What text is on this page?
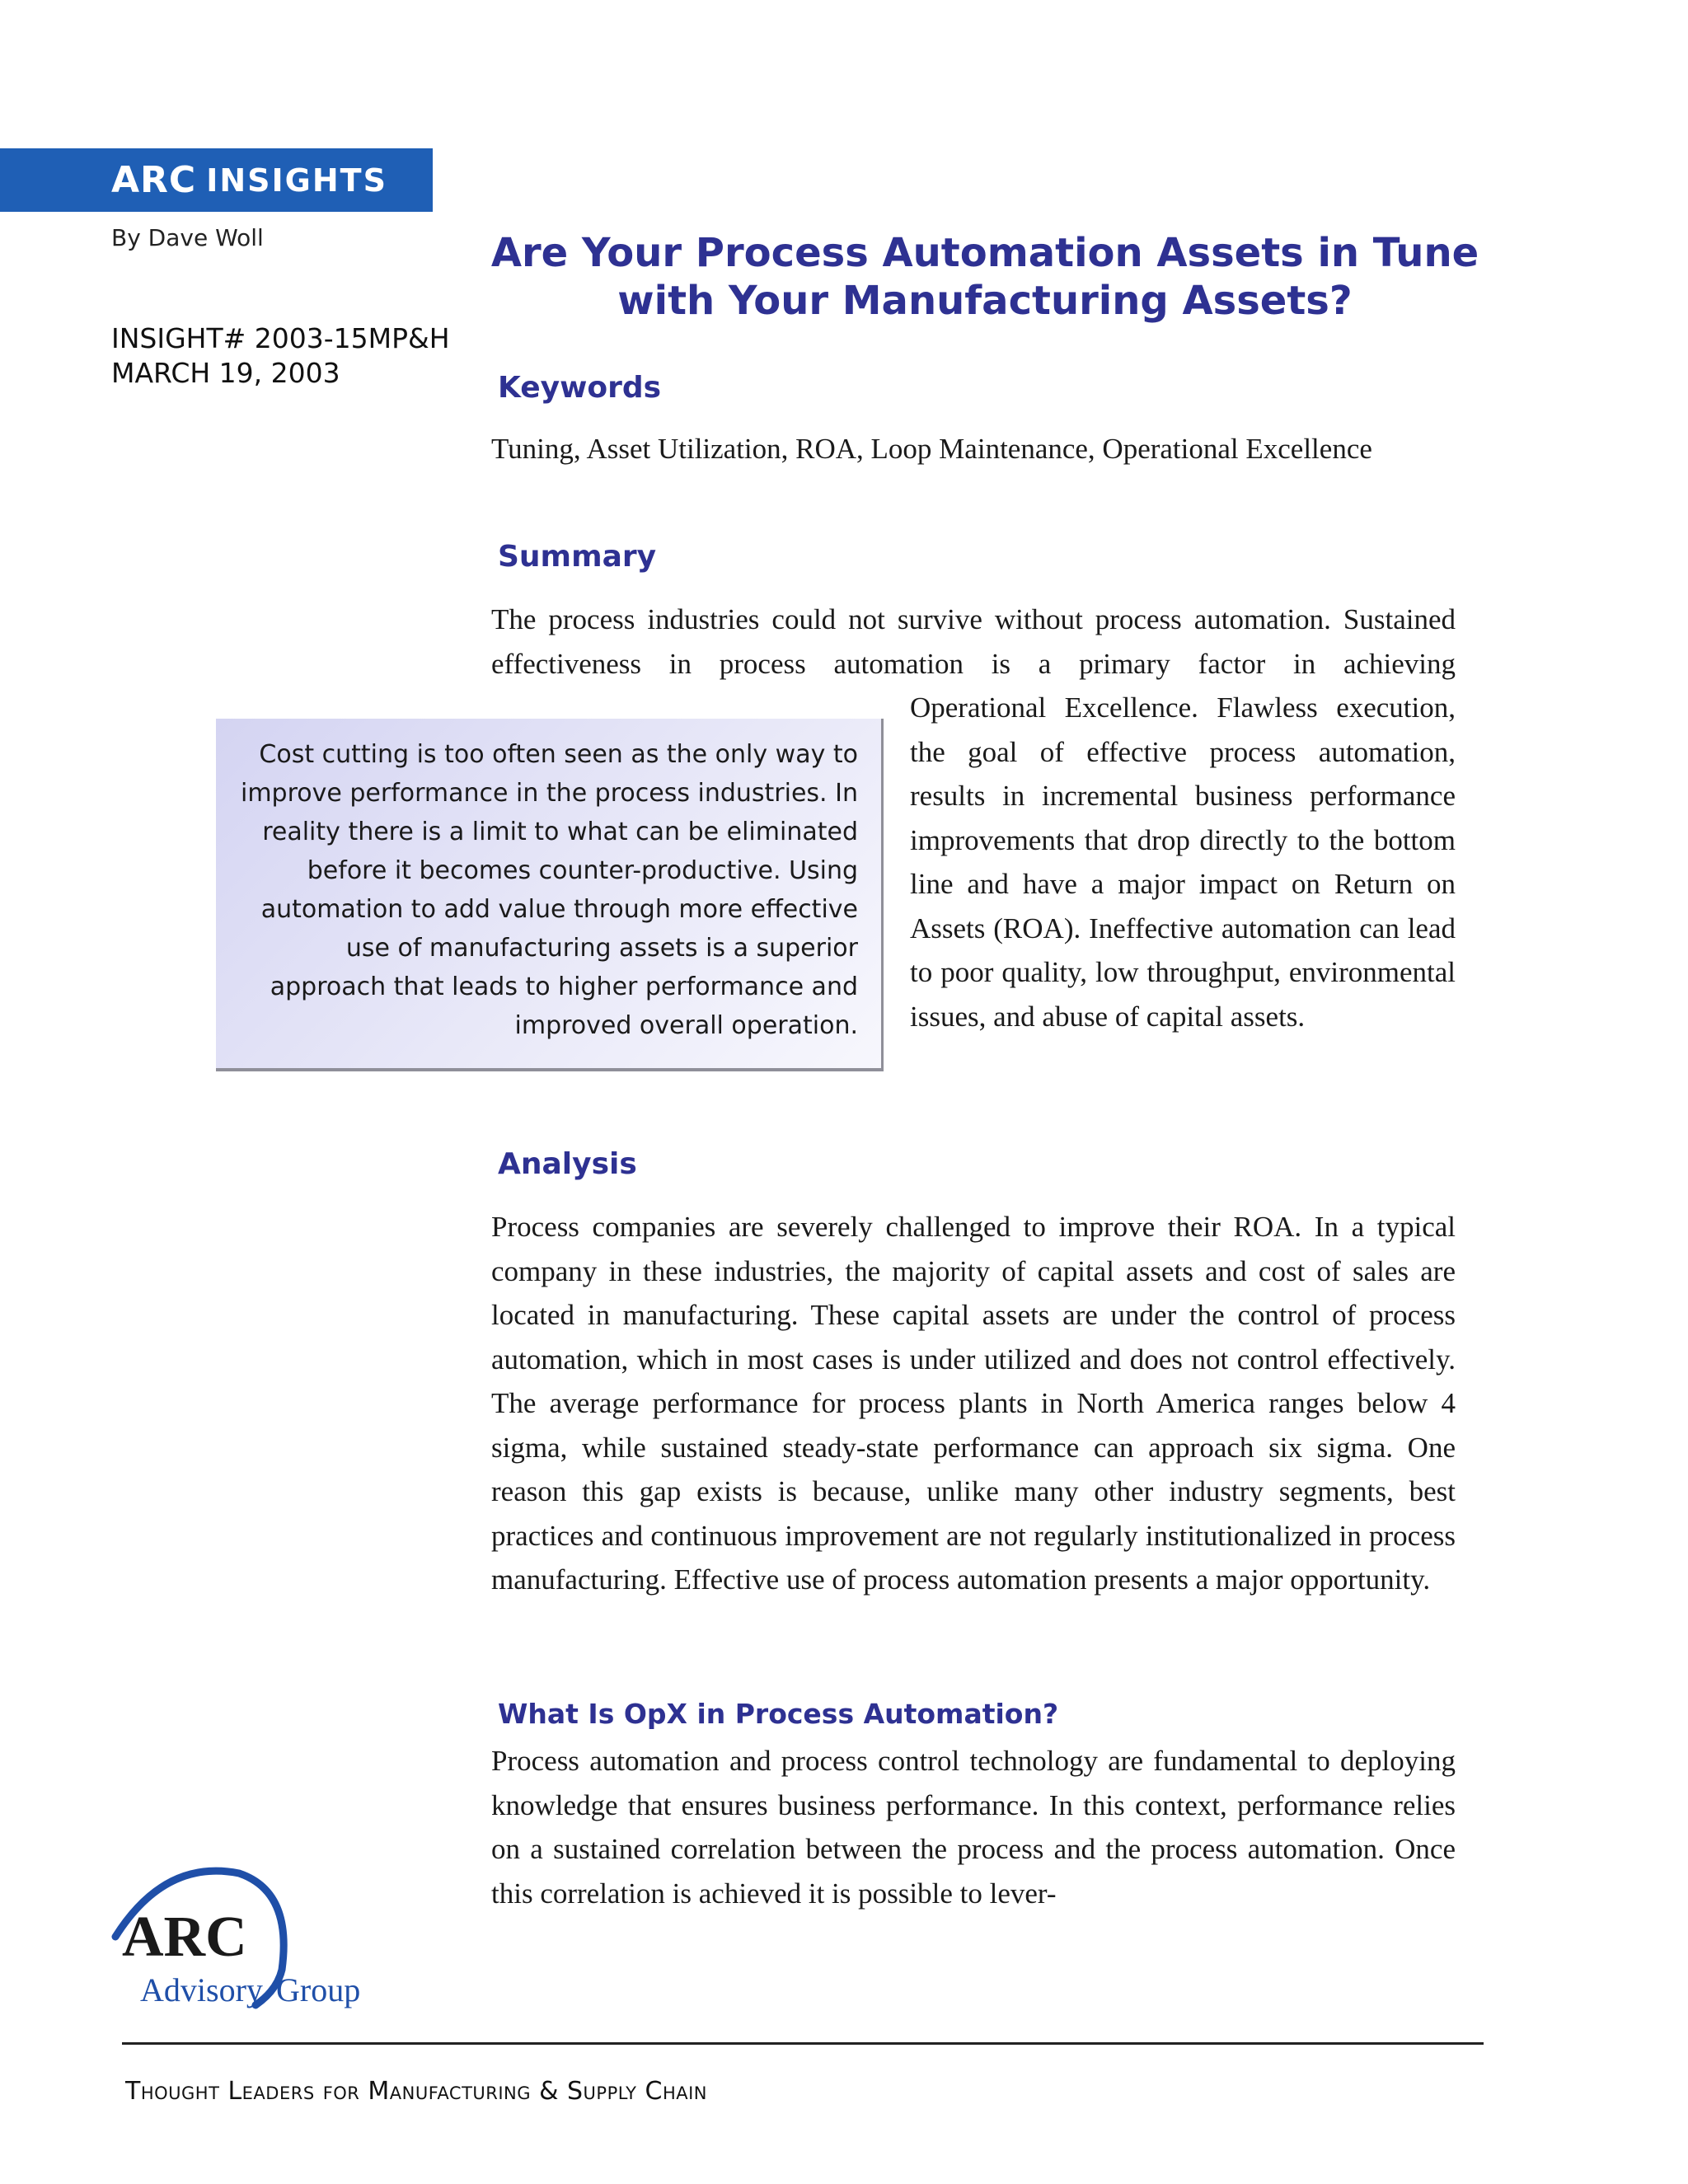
ARC INSIGHTS
By Dave Woll
INSIGHT# 2003-15MP&H
MARCH 19, 2003
Are Your Process Automation Assets in Tune
with Your Manufacturing Assets?
Keywords
Tuning, Asset Utilization, ROA, Loop Maintenance, Operational Excellence
Summary
The process industries could not survive without process automation. Sustained effectiveness in process automation is a primary factor in achieving
Operational Excellence. Flawless execution, the goal of effective process automation, results in incremental business performance improvements that drop directly to the bottom line and have a major impact on Return on Assets (ROA). Ineffective automation can lead to poor quality, low throughput, environmental issues, and abuse of capital assets.
Cost cutting is too often seen as the only way to improve performance in the process industries. In reality there is a limit to what can be eliminated before it becomes counter-productive. Using automation to add value through more effective use of manufacturing assets is a superior approach that leads to higher performance and improved overall operation.
Analysis
Process companies are severely challenged to improve their ROA. In a typical company in these industries, the majority of capital assets and cost of sales are located in manufacturing. These capital assets are under the control of process automation, which in most cases is under utilized and does not control effectively. The average performance for process plants in North America ranges below 4 sigma, while sustained steady-state performance can approach six sigma. One reason this gap exists is because, unlike many other industry segments, best practices and continuous improvement are not regularly institutionalized in process manufacturing. Effective use of process automation presents a major opportunity.
What Is OpX in Process Automation?
Process automation and process control technology are fundamental to deploying knowledge that ensures business performance. In this context, performance relies on a sustained correlation between the process and the process automation. Once this correlation is achieved it is possible to lever-
ARC
Advisory Group
Thought Leaders for Manufacturing & Supply Chain
